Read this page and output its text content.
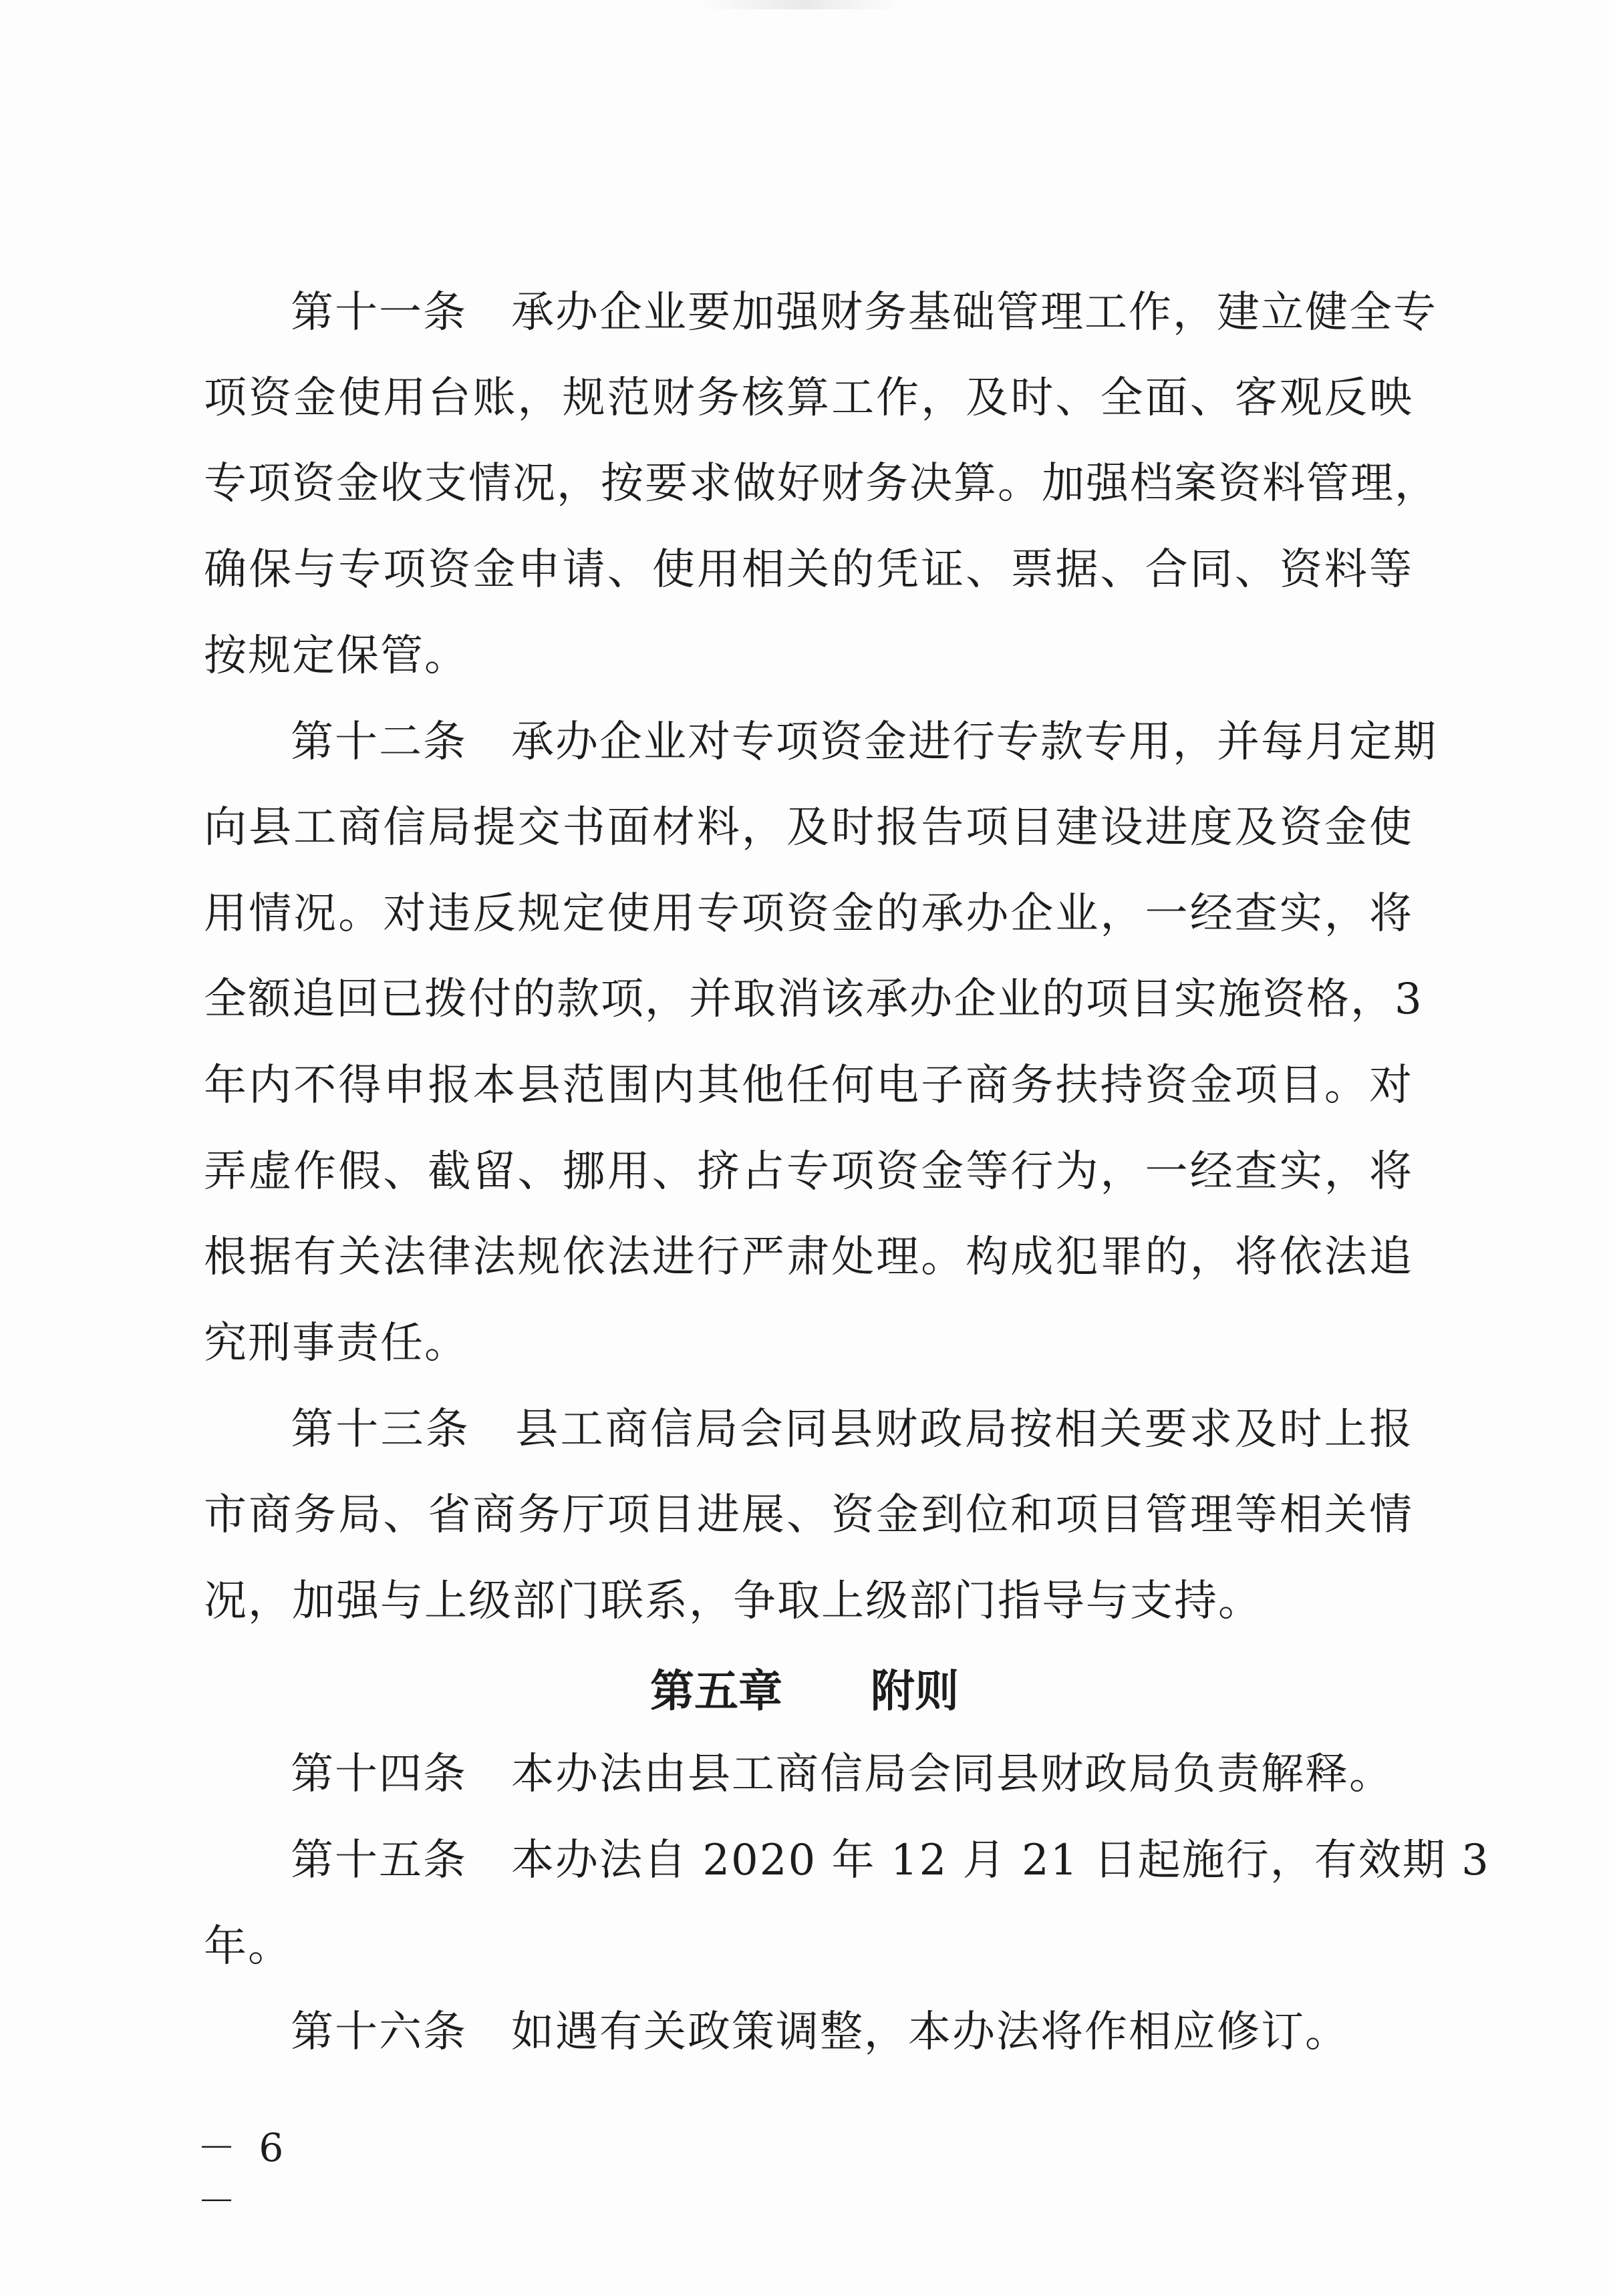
第十一条　承办企业要加强财务基础管理工作，建立健全专
项资金使用台账，规范财务核算工作，及时、全面、客观反映
专项资金收支情况，按要求做好财务决算。加强档案资料管理，
确保与专项资金申请、使用相关的凭证、票据、合同、资料等
按规定保管。
第十二条　承办企业对专项资金进行专款专用，并每月定期
向县工商信局提交书面材料，及时报告项目建设进度及资金使
用情况。对违反规定使用专项资金的承办企业，一经查实，将
全额追回已拨付的款项，并取消该承办企业的项目实施资格，3
年内不得申报本县范围内其他任何电子商务扶持资金项目。对
弄虚作假、截留、挪用、挤占专项资金等行为，一经查实，将
根据有关法律法规依法进行严肃处理。构成犯罪的，将依法追
究刑事责任。
第十三条　县工商信局会同县财政局按相关要求及时上报
市商务局、省商务厅项目进展、资金到位和项目管理等相关情
况，加强与上级部门联系，争取上级部门指导与支持。
第五章　　附则
第十四条　本办法由县工商信局会同县财政局负责解释。
第十五条　本办法自 2020 年 12 月 21 日起施行，有效期 3
年。
第十六条　如遇有关政策调整，本办法将作相应修订。
－ 6 －
